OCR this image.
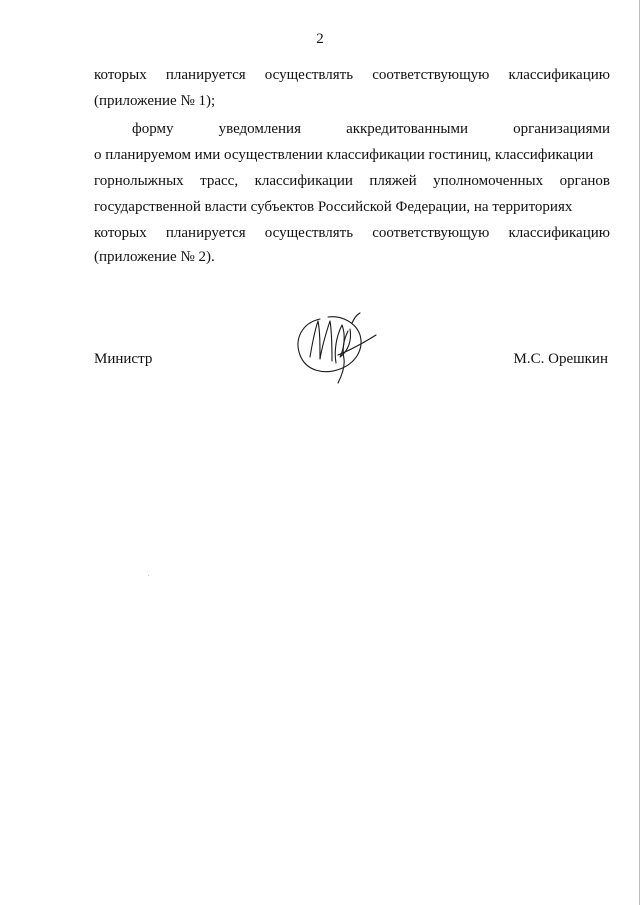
2
которых планируется осуществлять соответствующую классификацию
(приложение № 1);
форму	уведомления	аккредитованными	организациями
о планируемом ими осуществлении классификации гостиниц, классификации
горнолыжных трасс, классификации пляжей уполномоченных органов
государственной власти субъектов Российской Федерации, на территориях
которых планируется осуществлять соответствующую классификацию
(приложение № 2).
Министр	М.С. Орешкин
